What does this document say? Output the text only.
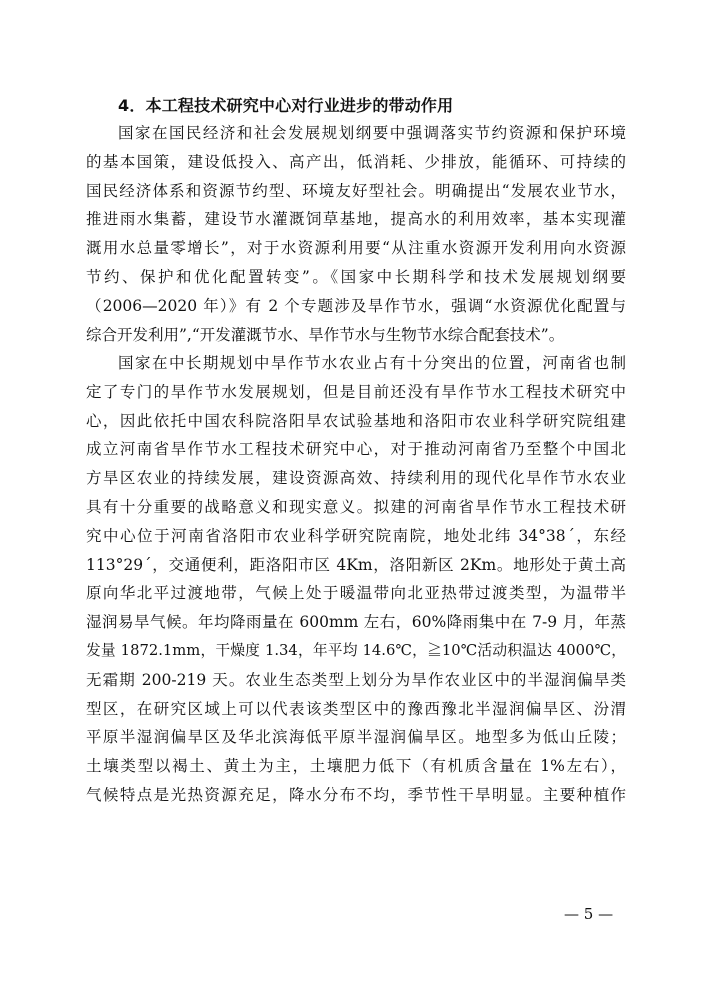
4．本工程技术研究中心对行业进步的带动作用
国家在国民经济和社会发展规划纲要中强调落实节约资源和保护环境
的基本国策，建设低投入、高产出，低消耗、少排放，能循环、可持续的
国民经济体系和资源节约型、环境友好型社会。明确提出“发展农业节水，
推进雨水集蓄，建设节水灌溉饲草基地，提高水的利用效率，基本实现灌
溉用水总量零增长”，对于水资源利用要“从注重水资源开发利用向水资源
节约、保护和优化配置转变”。《国家中长期科学和技术发展规划纲要
（2006—2020 年）》有 2 个专题涉及旱作节水，强调“水资源优化配置与
综合开发利用”,“开发灌溉节水、旱作节水与生物节水综合配套技术”。
国家在中长期规划中旱作节水农业占有十分突出的位置，河南省也制
定了专门的旱作节水发展规划，但是目前还没有旱作节水工程技术研究中
心，因此依托中国农科院洛阳旱农试验基地和洛阳市农业科学研究院组建
成立河南省旱作节水工程技术研究中心，对于推动河南省乃至整个中国北
方旱区农业的持续发展，建设资源高效、持续利用的现代化旱作节水农业
具有十分重要的战略意义和现实意义。拟建的河南省旱作节水工程技术研
究中心位于河南省洛阳市农业科学研究院南院，地处北纬 34°38ˊ，东经
113°29ˊ，交通便利，距洛阳市区 4Km，洛阳新区 2Km。地形处于黄土高
原向华北平过渡地带，气候上处于暖温带向北亚热带过渡类型，为温带半
湿润易旱气候。年均降雨量在 600mm 左右，60%降雨集中在 7-9 月，年蒸
发量 1872.1mm，干燥度 1.34，年平均 14.6℃，≧10℃活动积温达 4000℃，
无霜期 200-219 天。农业生态类型上划分为旱作农业区中的半湿润偏旱类
型区，在研究区域上可以代表该类型区中的豫西豫北半湿润偏旱区、汾渭
平原半湿润偏旱区及华北滨海低平原半湿润偏旱区。地型多为低山丘陵；
土壤类型以褐土、黄土为主，土壤肥力低下（有机质含量在 1%左右），
气候特点是光热资源充足，降水分布不均，季节性干旱明显。主要种植作
— 5 —
